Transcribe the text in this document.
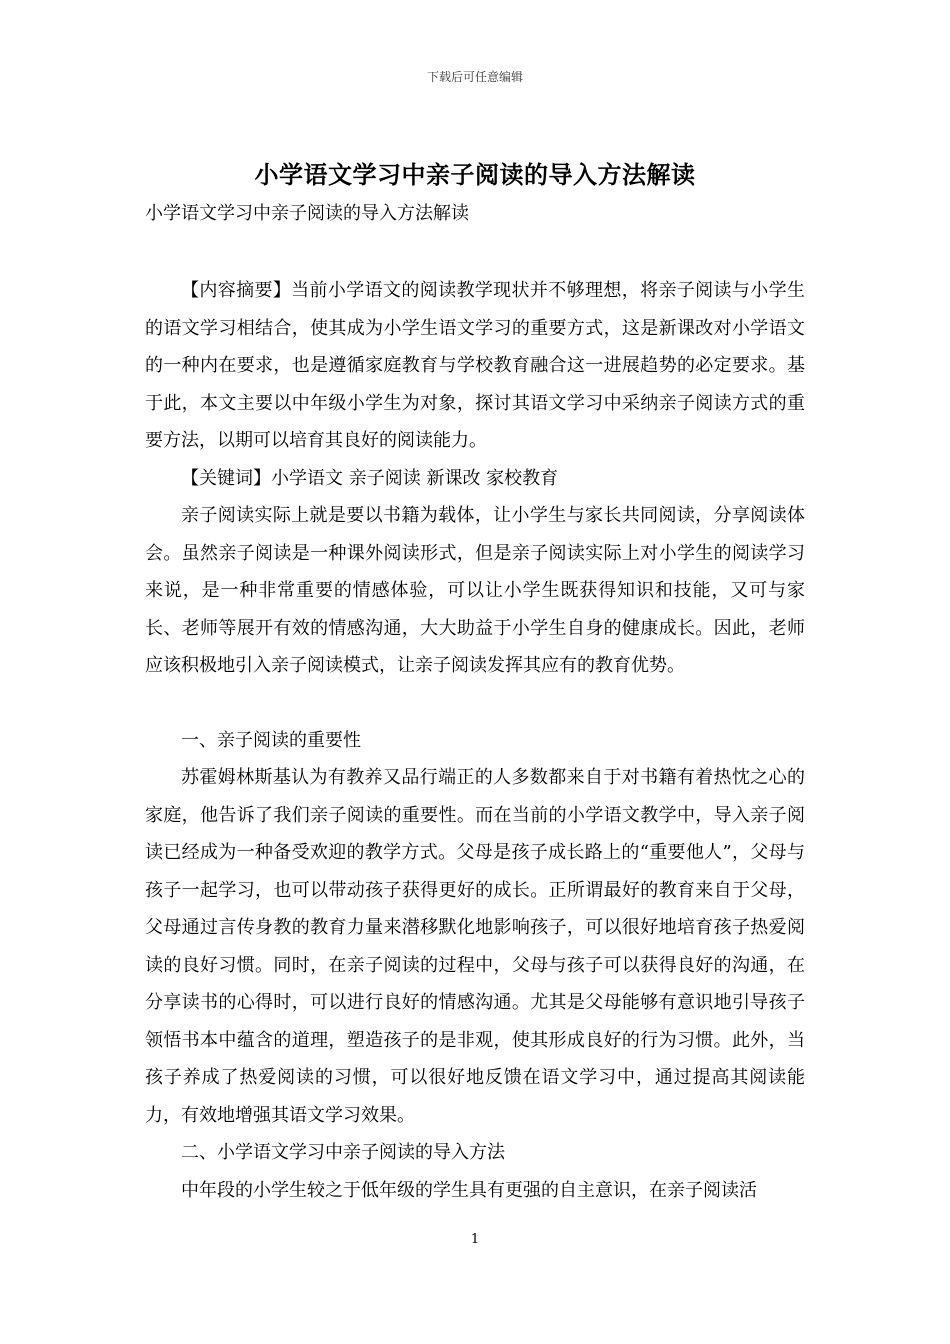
下载后可任意编辑
小学语文学习中亲子阅读的导入方法解读
小学语文学习中亲子阅读的导入方法解读

【内容摘要】当前小学语文的阅读教学现状并不够理想，将亲子阅读与小学生的语文学习相结合，使其成为小学生语文学习的重要方式，这是新课改对小学语文的一种内在要求，也是遵循家庭教育与学校教育融合这一进展趋势的必定要求。基于此，本文主要以中年级小学生为对象，探讨其语文学习中采纳亲子阅读方式的重要方法，以期可以培育其良好的阅读能力。

【关键词】小学语文 亲子阅读 新课改 家校教育

亲子阅读实际上就是要以书籍为载体，让小学生与家长共同阅读，分享阅读体会。虽然亲子阅读是一种课外阅读形式，但是亲子阅读实际上对小学生的阅读学习来说，是一种非常重要的情感体验，可以让小学生既获得知识和技能，又可与家长、老师等展开有效的情感沟通，大大助益于小学生自身的健康成长。因此，老师应该积极地引入亲子阅读模式，让亲子阅读发挥其应有的教育优势。

一、亲子阅读的重要性

苏霍姆林斯基认为有教养又品行端正的人多数都来自于对书籍有着热忱之心的家庭，他告诉了我们亲子阅读的重要性。而在当前的小学语文教学中，导入亲子阅读已经成为一种备受欢迎的教学方式。父母是孩子成长路上的“重要他人”，父母与孩子一起学习，也可以带动孩子获得更好的成长。正所谓最好的教育来自于父母，父母通过言传身教的教育力量来潜移默化地影响孩子，可以很好地培育孩子热爱阅读的良好习惯。同时，在亲子阅读的过程中，父母与孩子可以获得良好的沟通，在分享读书的心得时，可以进行良好的情感沟通。尤其是父母能够有意识地引导孩子领悟书本中蕴含的道理，塑造孩子的是非观，使其形成良好的行为习惯。此外，当孩子养成了热爱阅读的习惯，可以很好地反馈在语文学习中，通过提高其阅读能力，有效地增强其语文学习效果。

二、小学语文学习中亲子阅读的导入方法

中年段的小学生较之于低年级的学生具有更强的自主意识，在亲子阅读活

1
